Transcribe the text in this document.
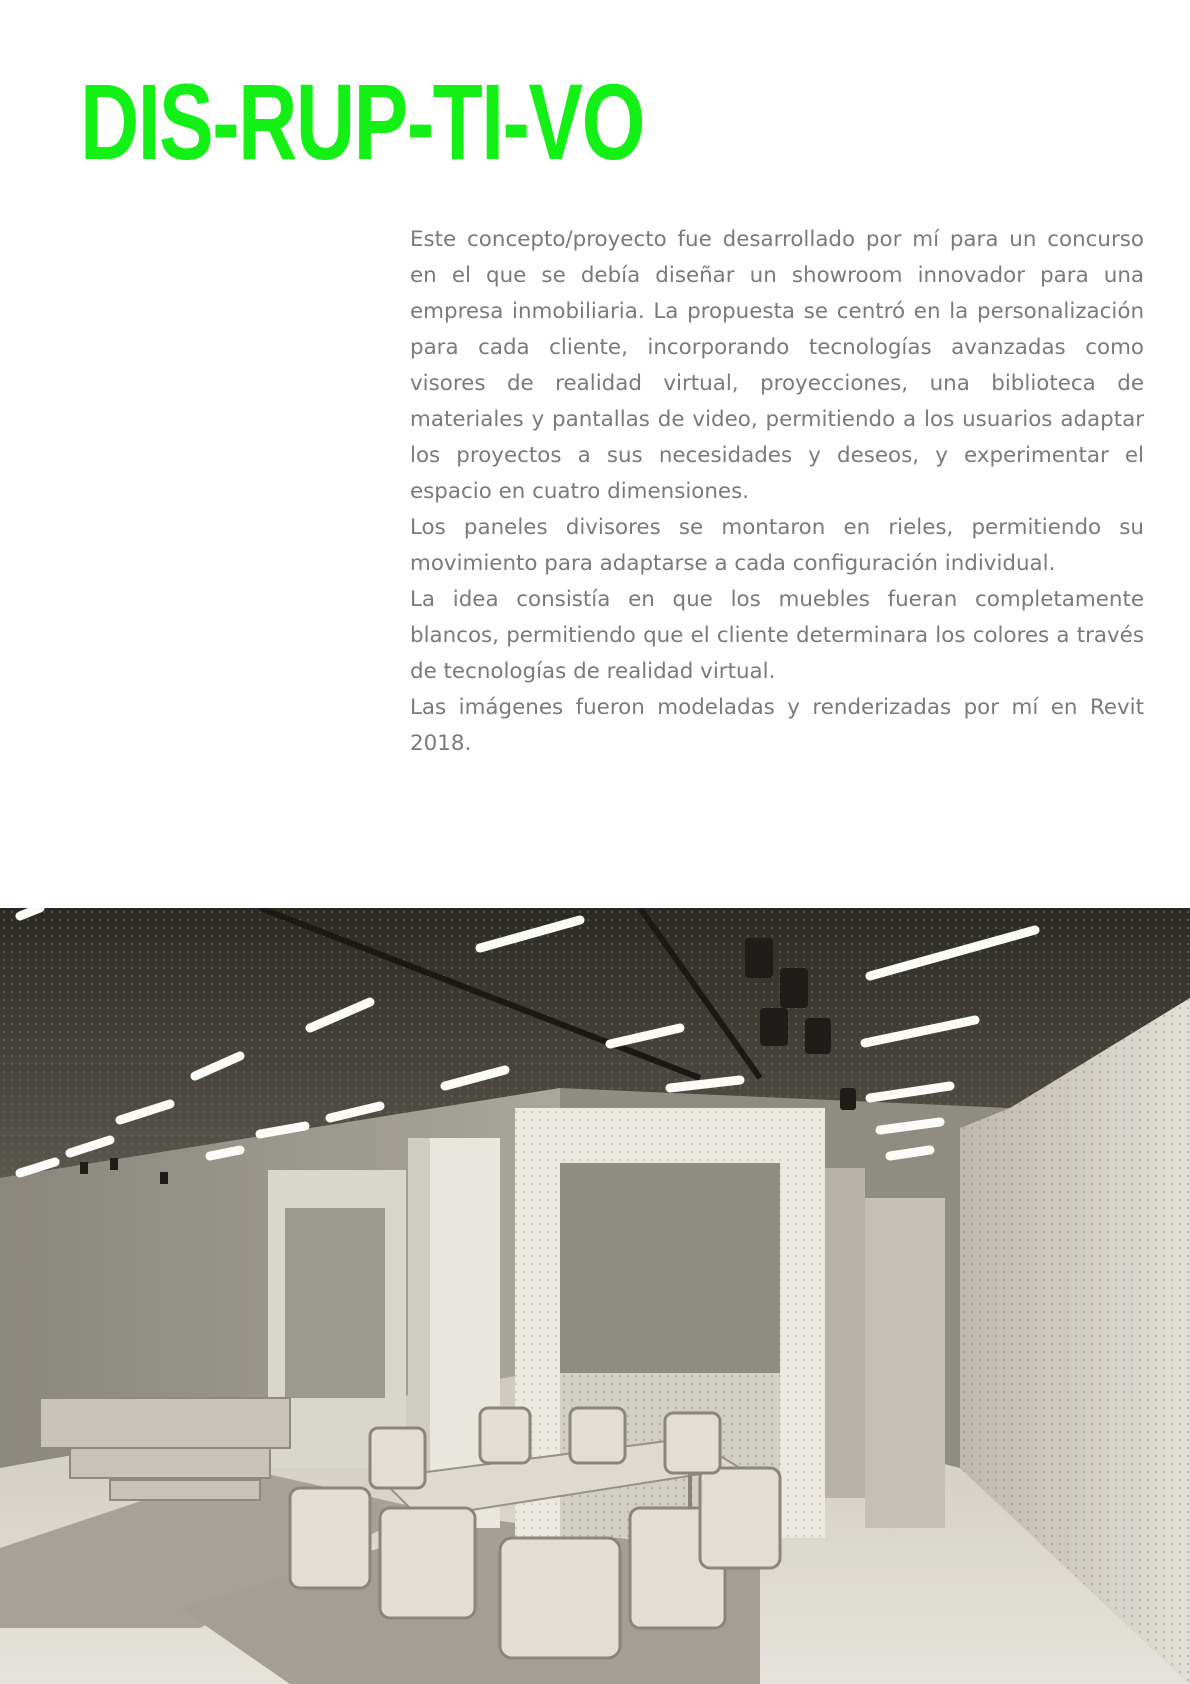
DIS-RUP-TI-VO

Este concepto/proyecto fue desarrollado por mí para un concurso en el que se debía diseñar un showroom innovador para una empresa inmobiliaria. La propuesta se centró en la personalización para cada cliente, incorporando tecnologías avanzadas como visores de realidad virtual, proyecciones, una biblioteca de materiales y pantallas de video, permitiendo a los usuarios adaptar los proyectos a sus necesidades y deseos, y experimentar el espacio en cuatro dimensiones.

Los paneles divisores se montaron en rieles, permitiendo su movimiento para adaptarse a cada configuración individual.

La idea consistía en que los muebles fueran completamente blancos, permitiendo que el cliente determinara los colores a través de tecnologías de realidad virtual.

Las imágenes fueron modeladas y renderizadas por mí en Revit 2018.
